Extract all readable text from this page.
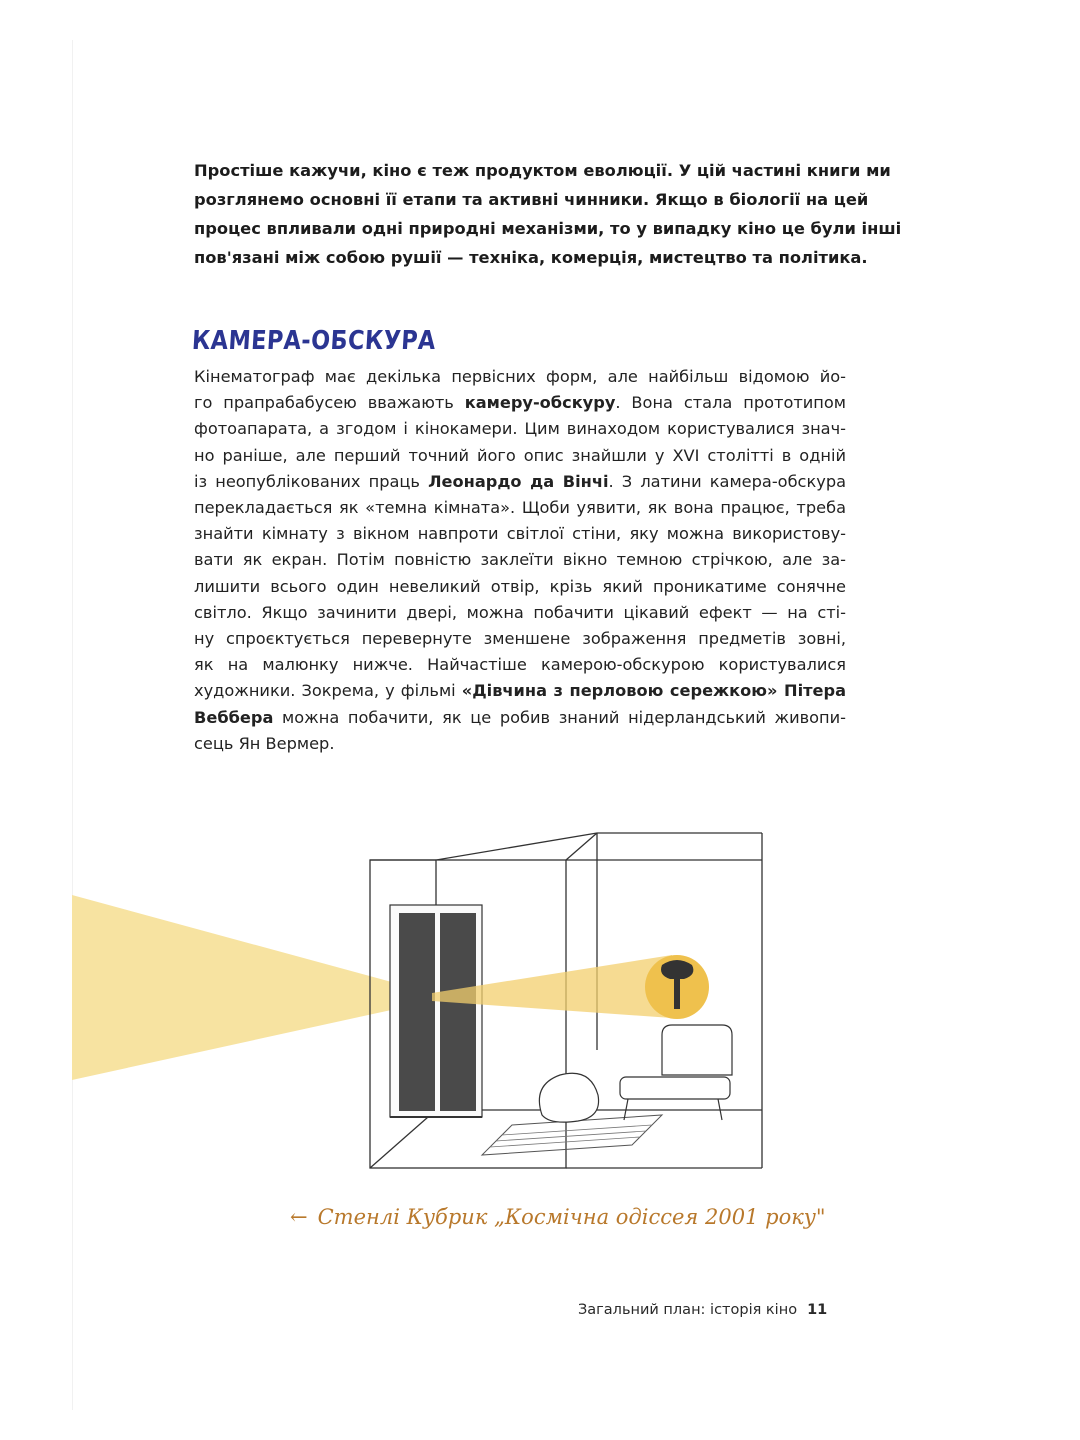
Простіше кажучи, кіно є теж продуктом еволюції. У цій частині книги ми
розглянемо основні її етапи та активні чинники. Якщо в біології на цей
процес впливали одні природні механізми, то у випадку кіно це були інші
пов'язані між собою рушії — техніка, комерція, мистецтво та політика.
КАМЕРА-ОБСКУРА
Кінематограф має декілька первісних форм, але найбільш відомою йо-
го прапрабабусею вважають камеру-обскуру. Вона стала прототипом
фотоапарата, а згодом і кінокамери. Цим винаходом користувалися знач-
но раніше, але перший точний його опис знайшли у XVI столітті в одній
із неопублікованих праць Леонардо да Вінчі. З латини камера-обскура
перекладається як «темна кімната». Щоби уявити, як вона працює, треба
знайти кімнату з вікном навпроти світлої стіни, яку можна використову-
вати як екран. Потім повністю заклеїти вікно темною стрічкою, але за-
лишити всього один невеликий отвір, крізь який проникатиме сонячне
світло. Якщо зачинити двері, можна побачити цікавий ефект — на сті-
ну спроєктується перевернуте зменшене зображення предметів зовні,
як на малюнку нижче. Найчастіше камерою-обскурою користувалися
художники. Зокрема, у фільмі «Дівчина з перловою сережкою» Пітера
Веббера можна побачити, як це робив знаний нідерландський живопи-
сець Ян Вермер.
← Стенлі Кубрик „Космічна одіссея 2001 року"
Загальний план: історія кіно 11
